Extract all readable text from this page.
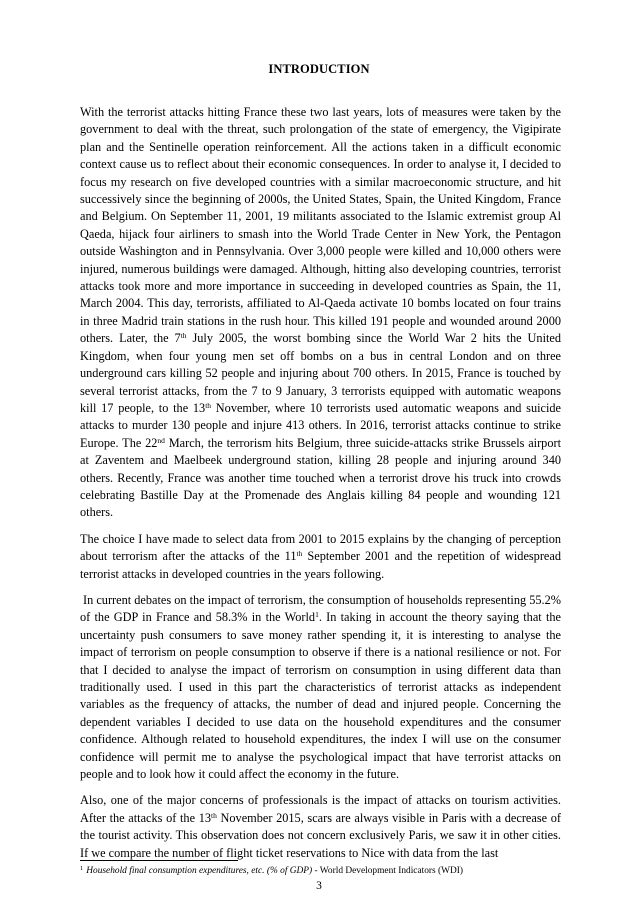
INTRODUCTION

With the terrorist attacks hitting France these two last years, lots of measures were taken by the government to deal with the threat, such prolongation of the state of emergency, the Vigipirate plan and the Sentinelle operation reinforcement. All the actions taken in a difficult economic context cause us to reflect about their economic consequences. In order to analyse it, I decided to focus my research on five developed countries with a similar macroeconomic structure, and hit successively since the beginning of 2000s, the United States, Spain, the United Kingdom, France and Belgium. On September 11, 2001, 19 militants associated to the Islamic extremist group Al Qaeda, hijack four airliners to smash into the World Trade Center in New York, the Pentagon outside Washington and in Pennsylvania. Over 3,000 people were killed and 10,000 others were injured, numerous buildings were damaged. Although, hitting also developing countries, terrorist attacks took more and more importance in succeeding in developed countries as Spain, the 11, March 2004. This day, terrorists, affiliated to Al-Qaeda activate 10 bombs located on four trains in three Madrid train stations in the rush hour. This killed 191 people and wounded around 2000 others. Later, the 7th July 2005, the worst bombing since the World War 2 hits the United Kingdom, when four young men set off bombs on a bus in central London and on three underground cars killing 52 people and injuring about 700 others. In 2015, France is touched by several terrorist attacks, from the 7 to 9 January, 3 terrorists equipped with automatic weapons kill 17 people, to the 13th November, where 10 terrorists used automatic weapons and suicide attacks to murder 130 people and injure 413 others. In 2016, terrorist attacks continue to strike Europe. The 22nd March, the terrorism hits Belgium, three suicide-attacks strike Brussels airport at Zaventem and Maelbeek underground station, killing 28 people and injuring around 340 others. Recently, France was another time touched when a terrorist drove his truck into crowds celebrating Bastille Day at the Promenade des Anglais killing 84 people and wounding 121 others.

The choice I have made to select data from 2001 to 2015 explains by the changing of perception about terrorism after the attacks of the 11th September 2001 and the repetition of widespread terrorist attacks in developed countries in the years following.

In current debates on the impact of terrorism, the consumption of households representing 55.2% of the GDP in France and 58.3% in the World$^1$. In taking in account the theory saying that the uncertainty push consumers to save money rather spending it, it is interesting to analyse the impact of terrorism on people consumption to observe if there is a national resilience or not. For that I decided to analyse the impact of terrorism on consumption in using different data than traditionally used. I used in this part the characteristics of terrorist attacks as independent variables as the frequency of attacks, the number of dead and injured people. Concerning the dependent variables I decided to use data on the household expenditures and the consumer confidence. Although related to household expenditures, the index I will use on the consumer confidence will permit me to analyse the psychological impact that have terrorist attacks on people and to look how it could affect the economy in the future.

Also, one of the major concerns of professionals is the impact of attacks on tourism activities. After the attacks of the 13th November 2015, scars are always visible in Paris with a decrease of the tourist activity. This observation does not concern exclusively Paris, we saw it in other cities. If we compare the number of flight ticket reservations to Nice with data from the last

$^1$ Household final consumption expenditures, etc. (% of GDP) - World Development Indicators (WDI)
3
